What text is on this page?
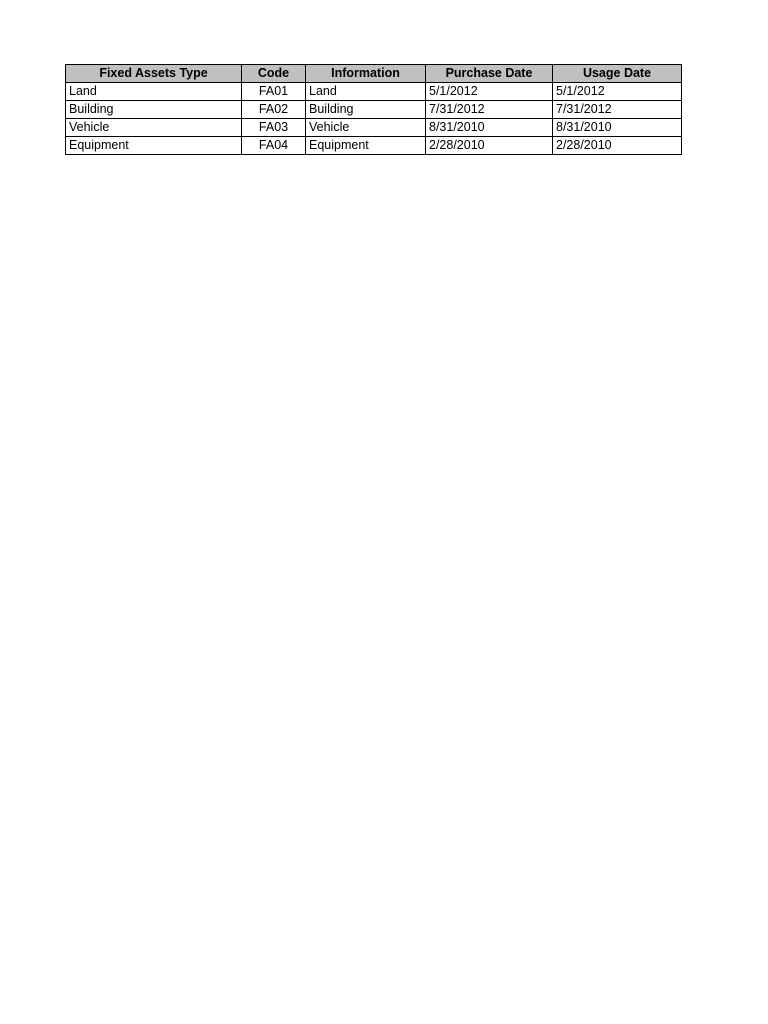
Fixed Assets Type	Code	Information	Purchase Date	Usage Date
Land	FA01	Land	5/1/2012	5/1/2012
Building	FA02	Building	7/31/2012	7/31/2012
Vehicle	FA03	Vehicle	8/31/2010	8/31/2010
Equipment	FA04	Equipment	2/28/2010	2/28/2010
